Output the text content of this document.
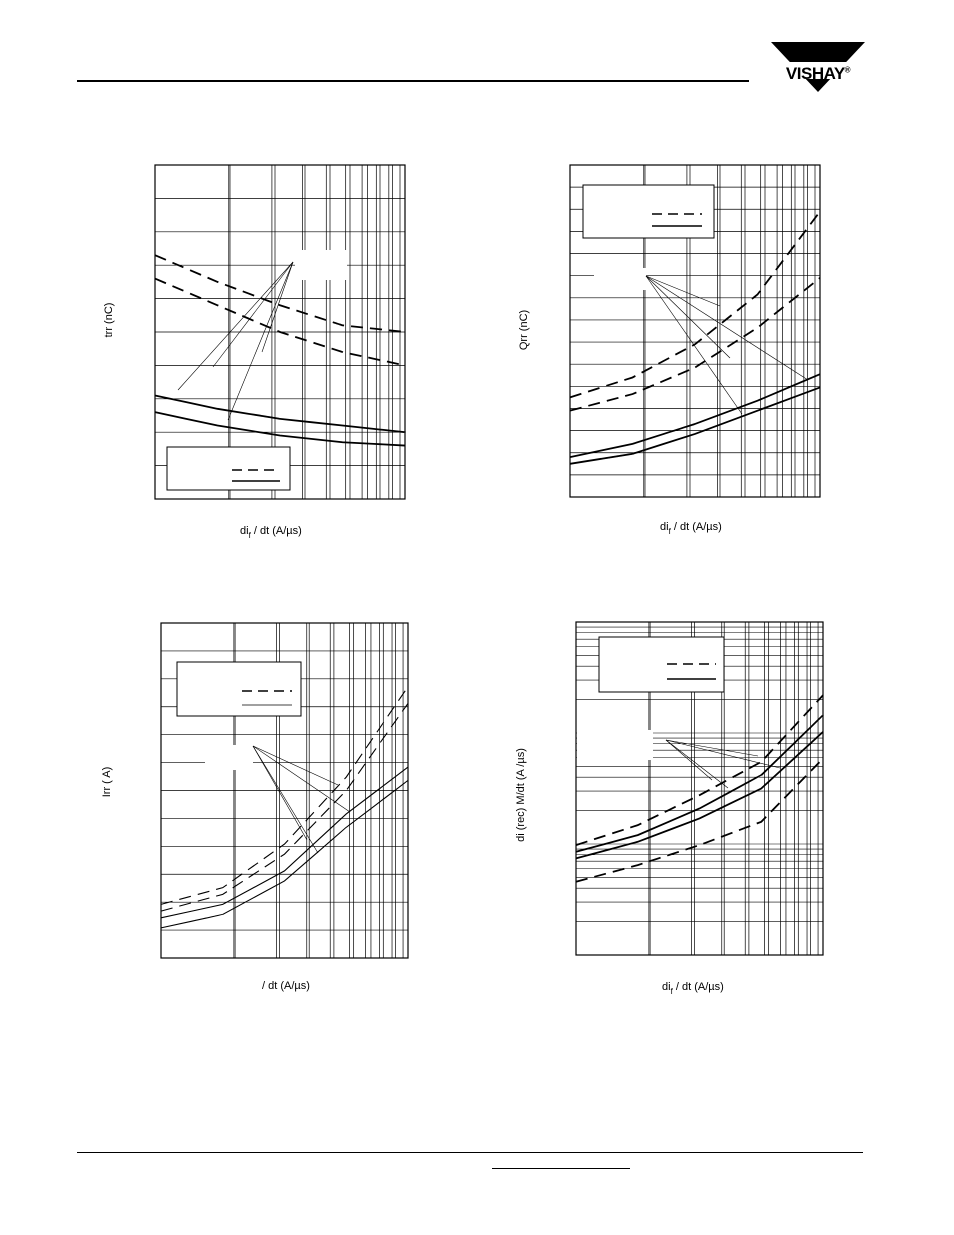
VISHAY®
trr (nC)
$di_f$ / dt (A/µs)
Qrr (nC)
$di_f$ / dt (A/µs)
Irr ( A)
/ dt (A/µs)
di (rec) M/dt (A /µs)
$di_f$ / dt (A/µs)
